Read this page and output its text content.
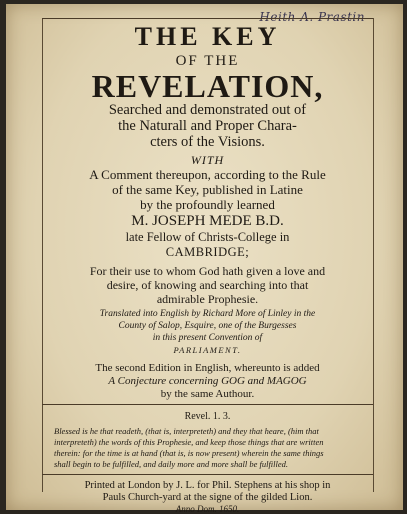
Heith A. Prastin
THE KEY
OF THE
REVELATION,
Searched and demonstrated out of
the Naturall and Proper Chara-
cters of the Visions.
WITH
A Comment thereupon, according to the Rule
of the same Key, published in Latine
by the profoundly learned
M. JOSEPH MEDE B.D.
late Fellow of Christs-College in
CAMBRIDGE;
For their use to whom God hath given a love and
desire, of knowing and searching into that
admirable Prophesie.
Translated into English by Richard More of Linley in the
County of Salop, Esquire, one of the Burgesses
in this present Convention of
PARLIAMENT.
The second Edition in English, whereunto is added
A Conjecture concerning GOG and MAGOG
by the same Authour.
Revel. 1. 3.
Blessed is he that readeth, (that is, interpreteth) and they that heare, (him that
interpreteth) the words of this Prophesie, and keep those things that are written
therein: for the time is at hand (that is, is now present) wherein the same things
shall begin to be fulfilled, and daily more and more shall be fulfilled.
Printed at London by J. L. for Phil. Stephens at his shop in
Pauls Church-yard at the signe of the gilded Lion.
Anno Dom. 1650.
